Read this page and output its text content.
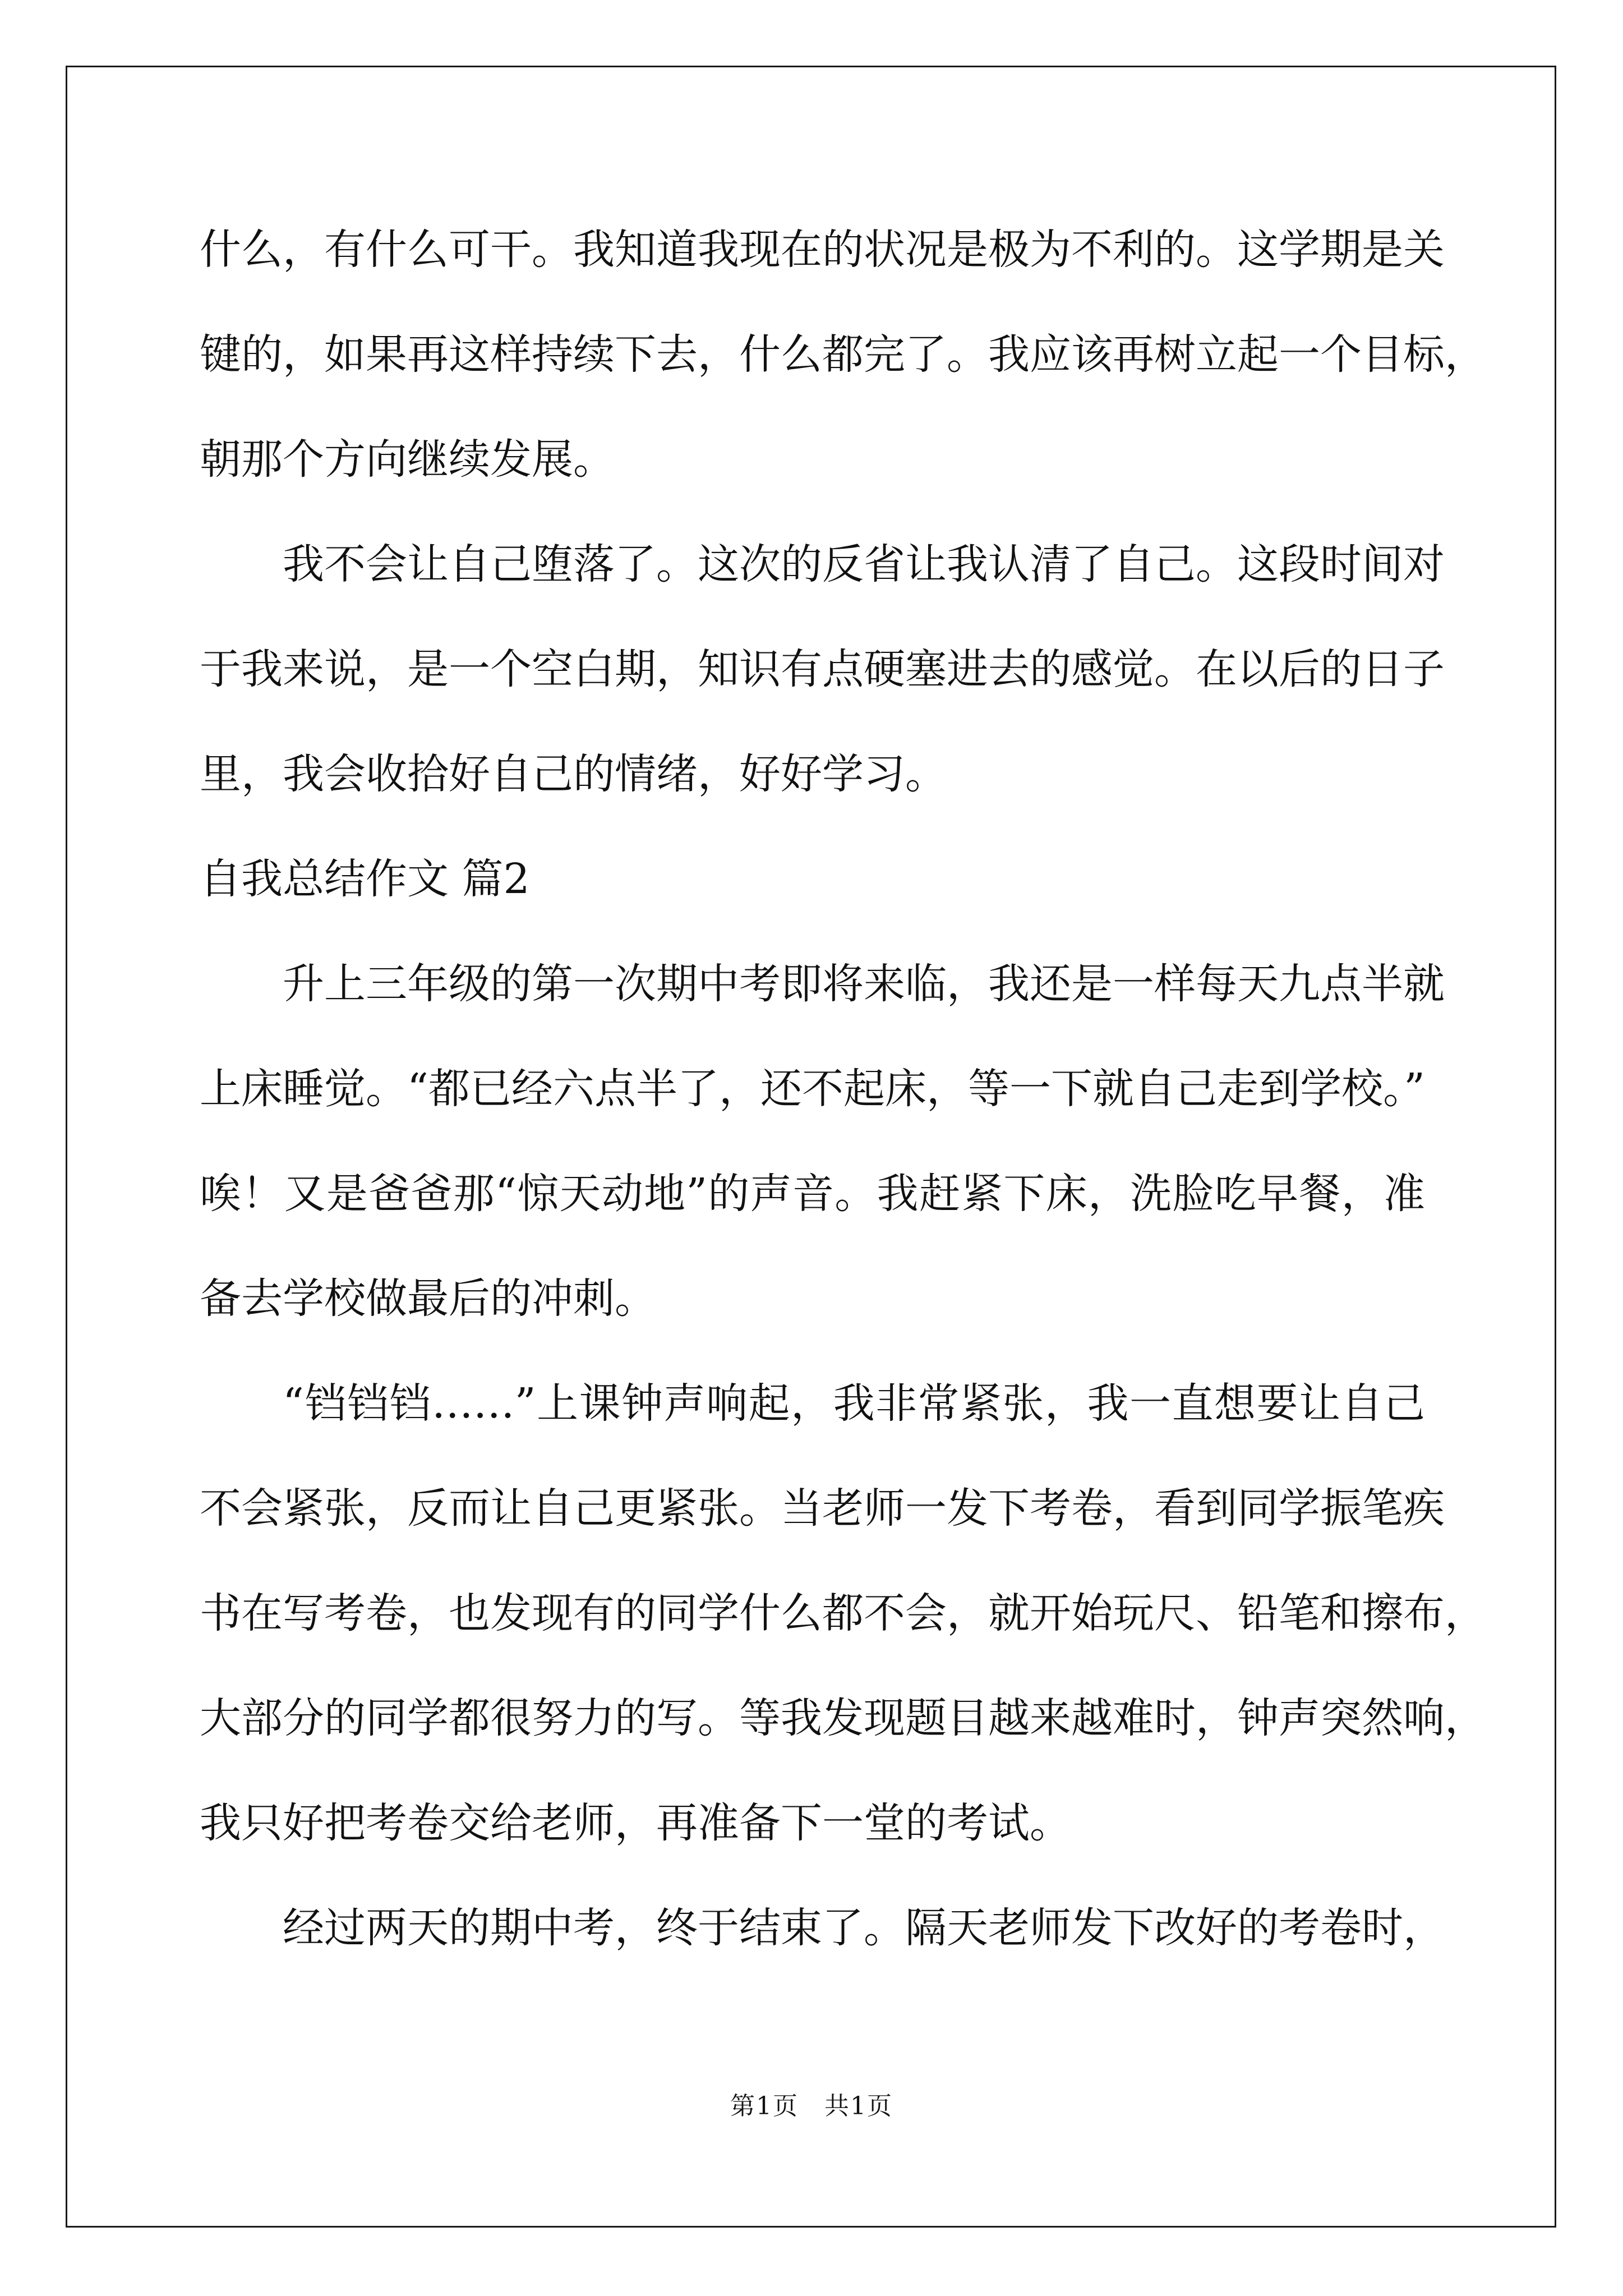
什么，有什么可干。我知道我现在的状况是极为不利的。这学期是关
键的，如果再这样持续下去，什么都完了。我应该再树立起一个目标，
朝那个方向继续发展。
我不会让自己堕落了。这次的反省让我认清了自己。这段时间对
于我来说，是一个空白期，知识有点硬塞进去的感觉。在以后的日子
里，我会收拾好自己的情绪，好好学习。
自我总结作文 篇2
升上三年级的第一次期中考即将来临，我还是一样每天九点半就
上床睡觉。“都已经六点半了，还不起床，等一下就自己走到学校。”
唉！又是爸爸那“惊天动地”的声音。我赶紧下床，洗脸吃早餐，准
备去学校做最后的冲刺。
“铛铛铛……”上课钟声响起，我非常紧张，我一直想要让自己
不会紧张，反而让自己更紧张。当老师一发下考卷，看到同学振笔疾
书在写考卷，也发现有的同学什么都不会，就开始玩尺、铅笔和擦布，
大部分的同学都很努力的写。等我发现题目越来越难时，钟声突然响，
我只好把考卷交给老师，再准备下一堂的考试。
经过两天的期中考，终于结束了。隔天老师发下改好的考卷时，
第1页　共1页
